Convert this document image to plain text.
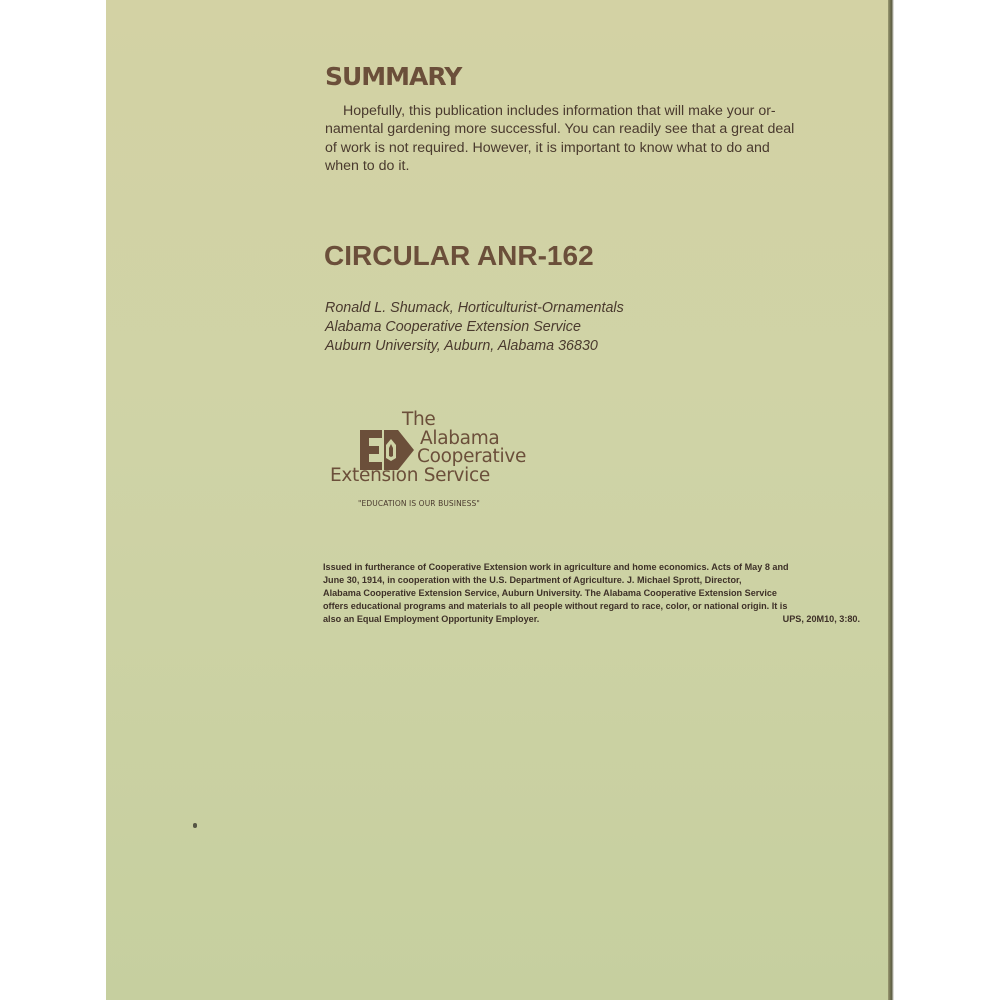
SUMMARY

Hopefully, this publication includes information that will make your or-
namental gardening more successful. You can readily see that a great deal
of work is not required. However, it is important to know what to do and
when to do it.

CIRCULAR ANR-162

Ronald L. Shumack, Horticulturist-Ornamentals
Alabama Cooperative Extension Service
Auburn University, Auburn, Alabama 36830

The
Alabama
Cooperative
Extension Service
"EDUCATION IS OUR BUSINESS"

Issued in furtherance of Cooperative Extension work in agriculture and home economics. Acts of May 8 and
June 30, 1914, in cooperation with the U.S. Department of Agriculture. J. Michael Sprott, Director,
Alabama Cooperative Extension Service, Auburn University. The Alabama Cooperative Extension Service
offers educational programs and materials to all people without regard to race, color, or national origin. It is
also an Equal Employment Opportunity Employer.	UPS, 20M10, 3:80.
